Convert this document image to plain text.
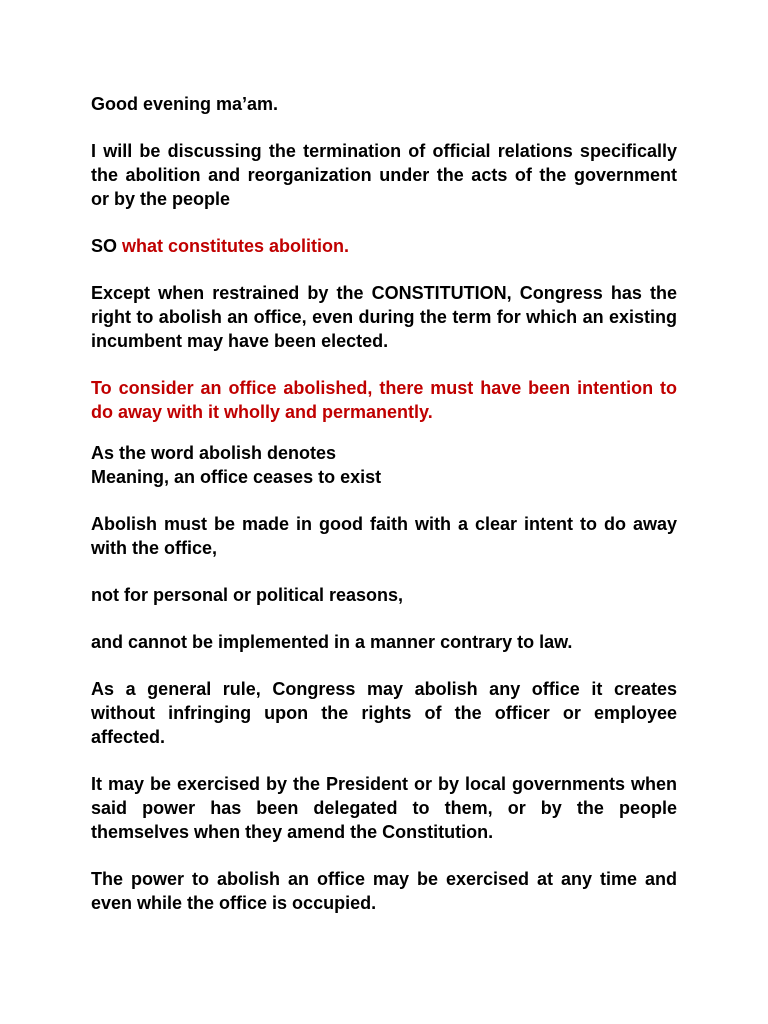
Good evening ma’am.

I will be discussing the termination of official relations specifically the abolition and reorganization under the acts of the government or by the people

SO what constitutes abolition.

Except when restrained by the CONSTITUTION, Congress has the right to abolish an office, even during the term for which an existing incumbent may have been elected.

To consider an office abolished, there must have been intention to do away with it wholly and permanently.

As the word abolish denotes
Meaning, an office ceases to exist

Abolish must be made in good faith with a clear intent to do away with the office,

not for personal or political reasons,

and cannot be implemented in a manner contrary to law.

As a general rule, Congress may abolish any office it creates without infringing upon the rights of the officer or employee affected.

It may be exercised by the President or by local governments when said power has been delegated to them, or by the people themselves when they amend the Constitution.

The power to abolish an office may be exercised at any time and even while the office is occupied.
